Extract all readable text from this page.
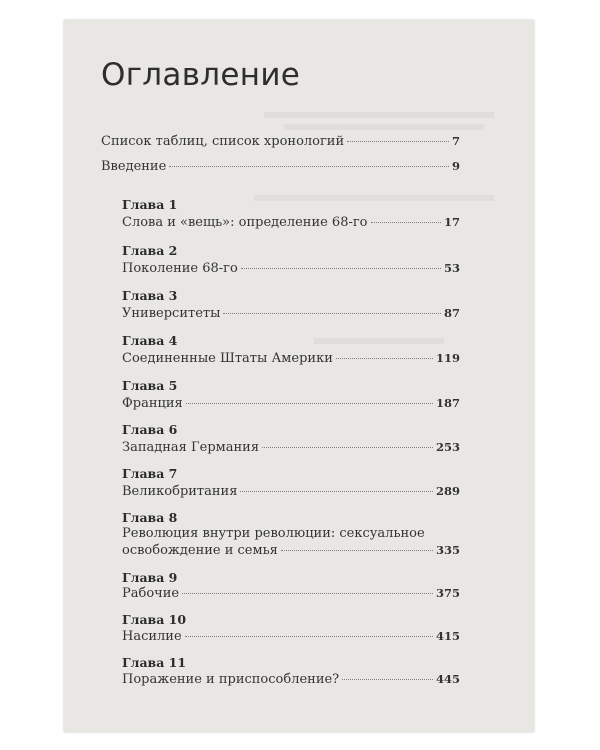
Оглавление
Список таблиц, список хронологий	7
Введение	9
Глава 1
Слова и «вещь»: определение 68-го	17
Глава 2
Поколение 68-го	53
Глава 3
Университеты	87
Глава 4
Соединенные Штаты Америки	119
Глава 5
Франция	187
Глава 6
Западная Германия	253
Глава 7
Великобритания	289
Глава 8
Революция внутри революции: сексуальное
освобождение и семья	335
Глава 9
Рабочие	375
Глава 10
Насилие	415
Глава 11
Поражение и приспособление?	445
